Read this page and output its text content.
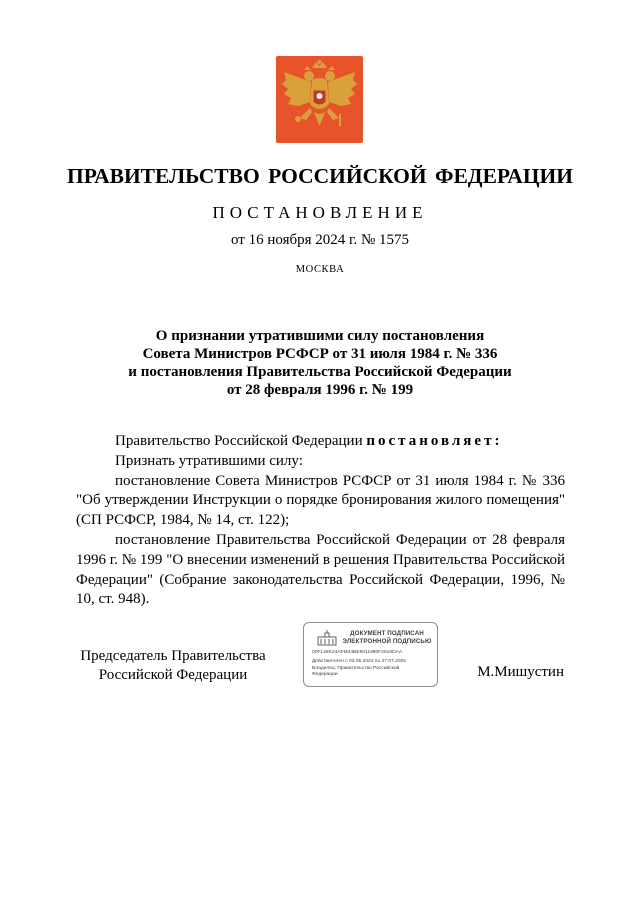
ПРАВИТЕЛЬСТВО РОССИЙСКОЙ ФЕДЕРАЦИИ
ПОСТАНОВЛЕНИЕ
от 16 ноября 2024 г. № 1575
МОСКВА
О признании утратившими силу постановления
Совета Министров РСФСР от 31 июля 1984 г. № 336
и постановления Правительства Российской Федерации
от 28 февраля 1996 г. № 199

Правительство Российской Федерации постановляет:

Признать утратившими силу:

постановление Совета Министров РСФСР от 31 июля 1984 г. № 336 "Об утверждении Инструкции о порядке бронирования жилого помещения" (СП РСФСР, 1984, № 14, ст. 122);

постановление Правительства Российской Федерации от 28 февраля 1996 г. № 199 "О внесении изменений в решения Правительства Российской Федерации" (Собрание законодательства Российской Федерации, 1996, № 10, ст. 948).

Председатель Правительства
Российской Федерации
ДОКУМЕНТ ПОДПИСАН
ЭЛЕКТРОННОЙ ПОДПИСЬЮ
00F128K24AFM24BE5011990F2616DAA
Действителен с 03.05.2024 по 27.07.2025
Владелец: Правительство Российской
Федерации	М.Мишустин
